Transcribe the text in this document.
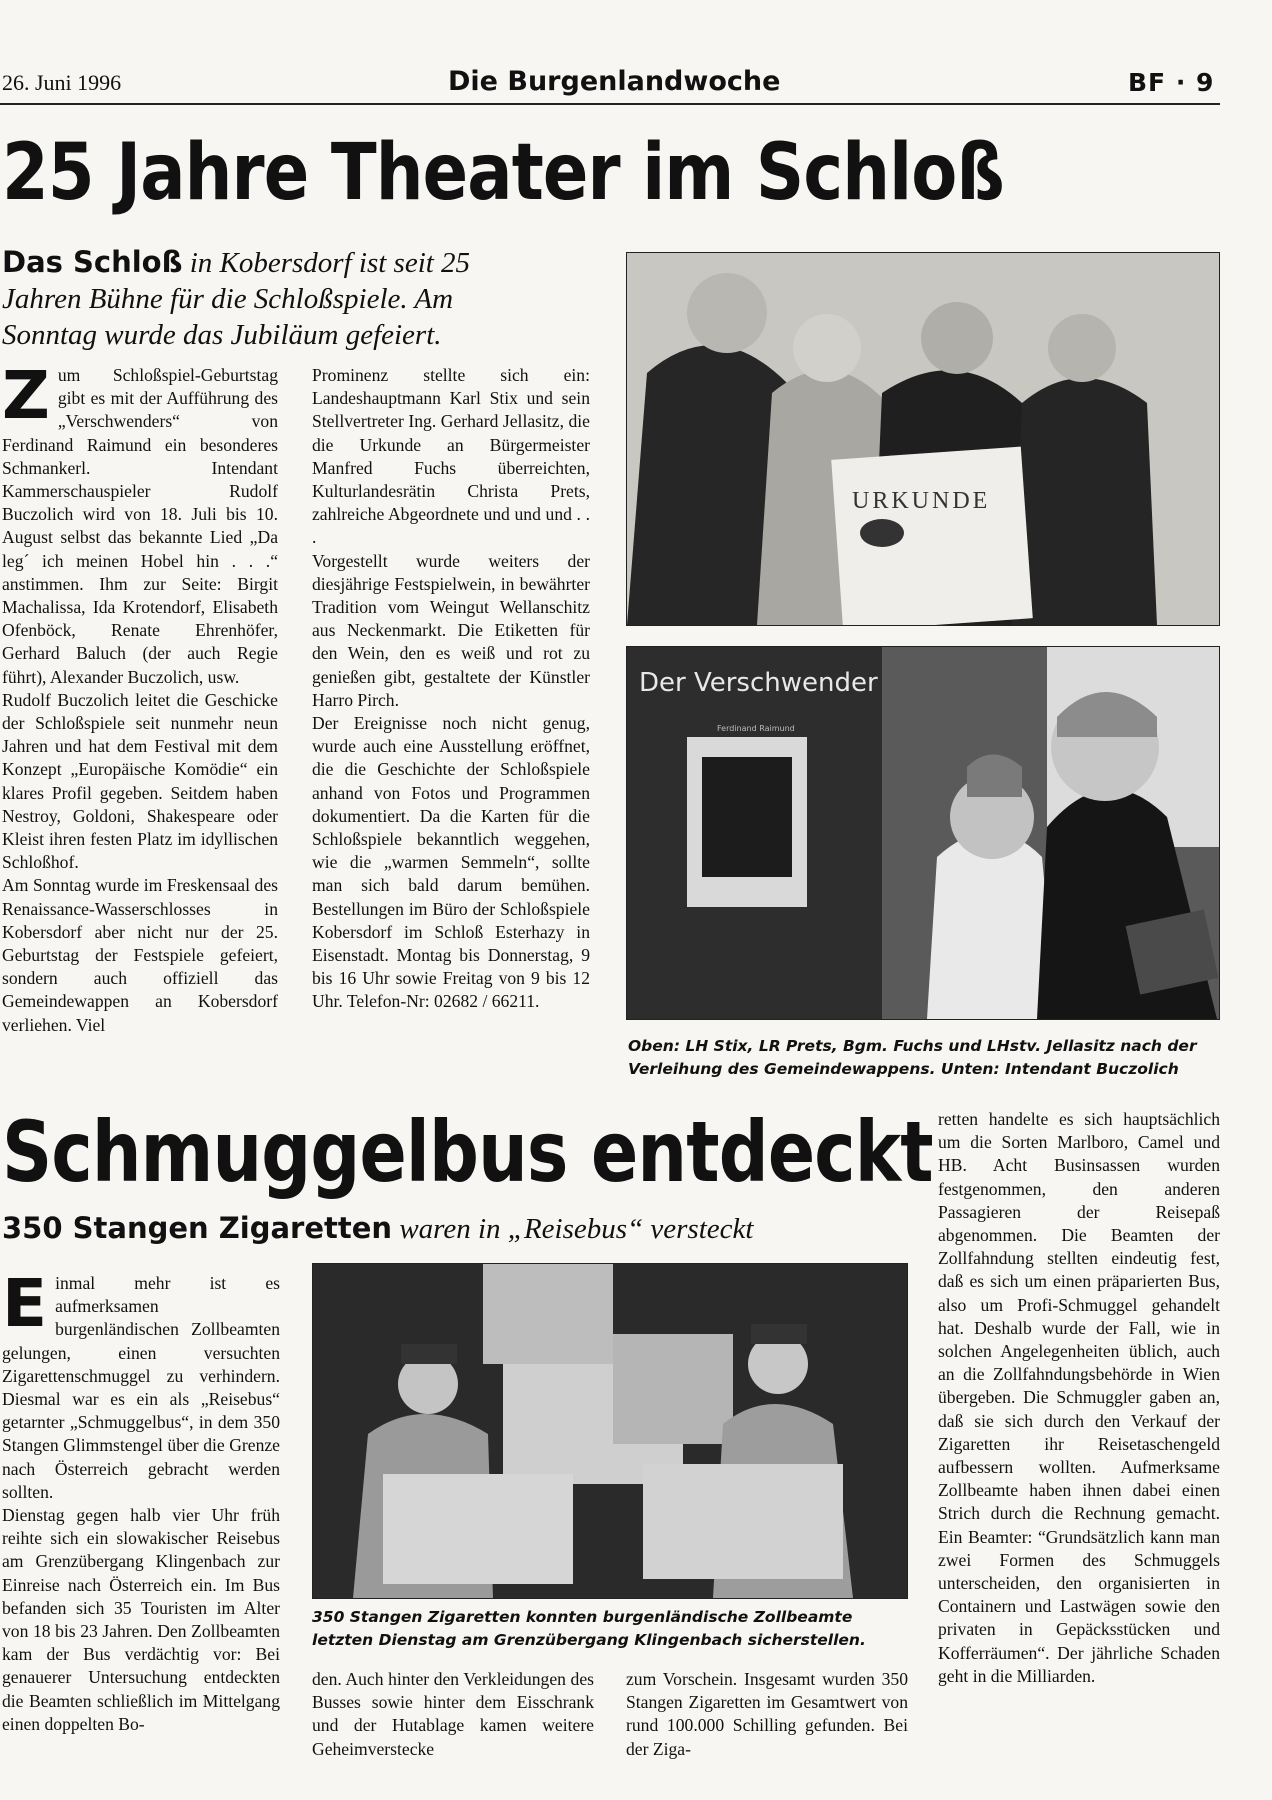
26. Juni 1996	Die Burgenlandwoche	BF · 9
25 Jahre Theater im Schloß
Das Schloß in Kobersdorf ist seit 25 Jahren Bühne für die Schloßspiele. Am Sonntag wurde das Jubiläum gefeiert.
Z um Schloßspiel-Geburtstag gibt es mit der Aufführung des „Verschwenders“ von Ferdinand Raimund ein besonderes Schmankerl. Intendant Kammerschauspieler Rudolf Buczolich wird von 18. Juli bis 10. August selbst das bekannte Lied „Da leg´ ich meinen Hobel hin . . .“ anstimmen. Ihm zur Seite: Birgit Machalissa, Ida Krotendorf, Elisabeth Ofenböck, Renate Ehrenhöfer, Gerhard Baluch (der auch Regie führt), Alexander Buczolich, usw.

Rudolf Buczolich leitet die Geschicke der Schloßspiele seit nunmehr neun Jahren und hat dem Festival mit dem Konzept „Europäische Komödie“ ein klares Profil gegeben. Seitdem haben Nestroy, Goldoni, Shakespeare oder Kleist ihren festen Platz im idyllischen Schloßhof.

Am Sonntag wurde im Freskensaal des Renaissance-Wasserschlosses in Kobersdorf aber nicht nur der 25. Geburtstag der Festspiele gefeiert, sondern auch offiziell das Gemeindewappen an Kobersdorf verliehen. Viel

Prominenz stellte sich ein: Landeshauptmann Karl Stix und sein Stellvertreter Ing. Gerhard Jellasitz, die die Urkunde an Bürgermeister Manfred Fuchs überreichten, Kulturlandesrätin Christa Prets, zahlreiche Abgeordnete und und und . . .

Vorgestellt wurde weiters der diesjährige Festspielwein, in bewährter Tradition vom Weingut Wellanschitz aus Neckenmarkt. Die Etiketten für den Wein, den es weiß und rot zu genießen gibt, gestaltete der Künstler Harro Pirch.

Der Ereignisse noch nicht genug, wurde auch eine Ausstellung eröffnet, die die Geschichte der Schloßspiele anhand von Fotos und Programmen dokumentiert. Da die Karten für die Schloßspiele bekanntlich weggehen, wie die „warmen Semmeln“, sollte man sich bald darum bemühen. Bestellungen im Büro der Schloßspiele Kobersdorf im Schloß Esterhazy in Eisenstadt. Montag bis Donnerstag, 9 bis 16 Uhr sowie Freitag von 9 bis 12 Uhr. Telefon-Nr: 02682 / 66211.

URKUNDE
Der Verschwender
Ferdinand Raimund
Oben: LH Stix, LR Prets, Bgm. Fuchs und LHstv. Jellasitz nach der Verleihung des Gemeindewappens. Unten: Intendant Buczolich
Schmuggelbus entdeckt
350 Stangen Zigaretten waren in „Reisebus“ versteckt
E inmal mehr ist es aufmerksamen burgenländischen Zollbeamten gelungen, einen versuchten Zigarettenschmuggel zu verhindern. Diesmal war es ein als „Reisebus“ getarnter „Schmuggelbus“, in dem 350 Stangen Glimmstengel über die Grenze nach Österreich gebracht werden sollten.

Dienstag gegen halb vier Uhr früh reihte sich ein slowakischer Reisebus am Grenzübergang Klingenbach zur Einreise nach Österreich ein. Im Bus befanden sich 35 Touristen im Alter von 18 bis 23 Jahren. Den Zollbeamten kam der Bus verdächtig vor: Bei genauerer Untersuchung entdeckten die Beamten schließlich im Mittelgang einen doppelten Bo-

350 Stangen Zigaretten konnten burgenländische Zollbeamte letzten Dienstag am Grenzübergang Klingenbach sicherstellen.
den. Auch hinter den Verkleidungen des Busses sowie hinter dem Eisschrank und der Hutablage kamen weitere Geheimverstecke
zum Vorschein. Insgesamt wurden 350 Stangen Zigaretten im Gesamtwert von rund 100.000 Schilling gefunden. Bei der Ziga-
retten handelte es sich hauptsächlich um die Sorten Marlboro, Camel und HB. Acht Businsassen wurden festgenommen, den anderen Passagieren der Reisepaß abgenommen. Die Beamten der Zollfahndung stellten eindeutig fest, daß es sich um einen präparierten Bus, also um Profi-Schmuggel gehandelt hat. Deshalb wurde der Fall, wie in solchen Angelegenheiten üblich, auch an die Zollfahndungsbehörde in Wien übergeben. Die Schmuggler gaben an, daß sie sich durch den Verkauf der Zigaretten ihr Reisetaschengeld aufbessern wollten. Aufmerksame Zollbeamte haben ihnen dabei einen Strich durch die Rechnung gemacht. Ein Beamter: “Grundsätzlich kann man zwei Formen des Schmuggels unterscheiden, den organisierten in Containern und Lastwägen sowie den privaten in Gepäcksstücken und Kofferräumen“. Der jährliche Schaden geht in die Milliarden.
